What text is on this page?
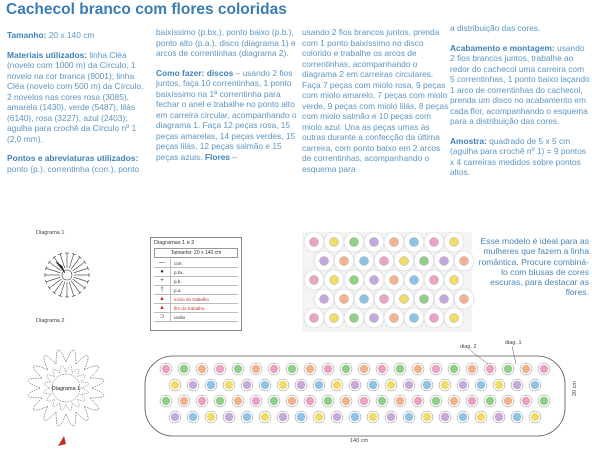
Cachecol branco com flores coloridas

Tamanho: 20 x 140 cm

Materiais utilizados: linha Cléa (novelo com 1000 m) da Círculo, 1 novelo na cor branca (8001); linha Cléa (novelo com 500 m) da Círculo, 2 novelos nas cores rosa (3085), amarela (1430), verde (5487), lilás (6140), rosa (3227), azul (2403); agulha para crochê da Círculo nº 1 (2,0 mm).

Pontos e abreviaturas utilizados: ponto (p.), correntinha (corr.), ponto

baixíssimo (p.bx.), ponto baixo (p.b.), ponto alto (p.a.), disco (diagrama 1) e arcos de correntinhas (diagrama 2).

Como fazer: discos – usando 2 fios juntos, faça 10 correntinhas, 1 ponto baixíssimo na 1ª correntinha para fechar o anel e trabalhe no ponto alto em carreira circular, acompanhando o diagrama 1. Faça 12 peças rosa, 15 peças amarelas, 14 peças verdes, 15 peças lilás, 12 peças salmão e 15 peças azuis. Flores –

usando 2 fios brancos juntos, prenda com 1 ponto baixíssimo no disco colorido e trabalhe os arcos de correntinhas, acompanhando o diagrama 2 em carreiras circulares. Faça 7 peças com miolo rosa, 9 peças com miolo amarelo, 7 peças com miolo verde, 9 peças com miolo lilás, 8 peças com miolo salmão e 10 peças com miolo azul. Una as peças umas às outras durante a confecção da última carreira, com ponto baixo em 2 arcos de correntinhas, acompanhando o esquema para

a distribuição das cores.

Acabamento e montagem: usando 2 fios brancos juntos, trabalhe ao redor do cachecol uma carreira com 5 correntinhas, 1 ponto baixo laçando 1 arco de correntinhas do cachecol, prenda um disco no acabamento em cada flor, acompanhando o esquema para a distribuição das cores.

Amostra: quadrado de 5 x 5 cm (agulha para crochê nº 1) = 9 pontos x 4 carreiras medidos sobre pontos altos.

Diagrama 1
Diagrama 2
Diagrama 1
Diagramas 1 e 2
Tamanho: 20 x 140 cm
—	corr.
●	p.bx.
+	p.b.
†	p.a.
▲	início do trabalho
▲	fim do trabalho
⊃	união
Esse modelo é ideal para as mulheres que fazem a linha romântica. Procure combiná-lo com blusas de cores escuras, para destacar as flores.
diag. 2
diag. 1
140 cm
20 cm
